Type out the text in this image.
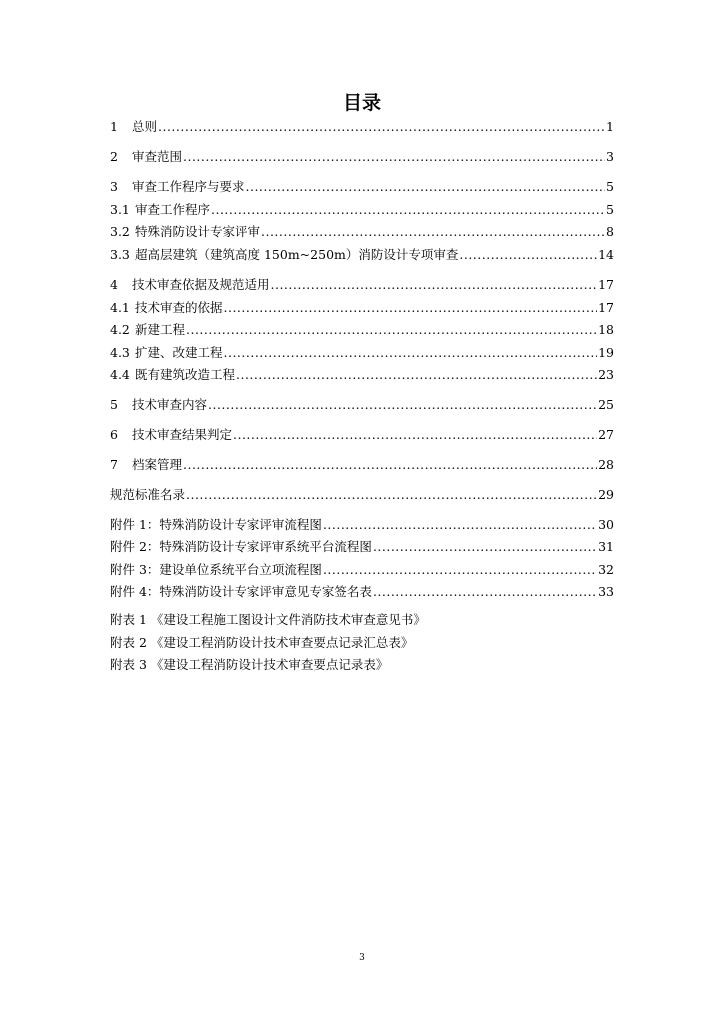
目录
1 总则 .....	1
2 审查范围 .....	3
3 审查工作程序与要求 .....	5
3.1 审查工作程序 .....	5
3.2 特殊消防设计专家评审 .....	8
3.3 超高层建筑（建筑高度 150m~250m）消防设计专项审查 .....	14
4 技术审查依据及规范适用 .....	17
4.1 技术审查的依据 .....	17
4.2 新建工程 .....	18
4.3 扩建、改建工程 .....	19
4.4 既有建筑改造工程 .....	23
5 技术审查内容 .....	25
6 技术审查结果判定 .....	27
7 档案管理 .....	28
规范标准名录 .....	29
附件 1：特殊消防设计专家评审流程图 .....	30
附件 2：特殊消防设计专家评审系统平台流程图 .....	31
附件 3：建设单位系统平台立项流程图 .....	32
附件 4：特殊消防设计专家评审意见专家签名表 .....	33
附表 1 《建设工程施工图设计文件消防技术审查意见书》
附表 2 《建设工程消防设计技术审查要点记录汇总表》
附表 3 《建设工程消防设计技术审查要点记录表》
3
